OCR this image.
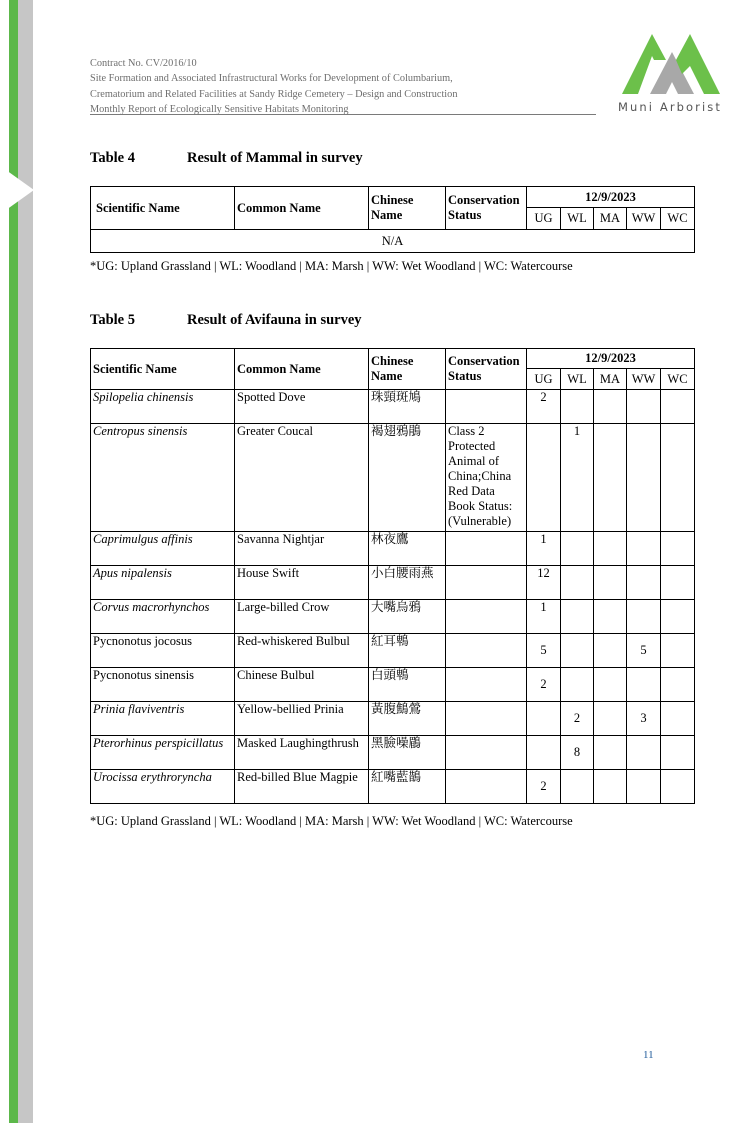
Contract No. CV/2016/10
Site Formation and Associated Infrastructural Works for Development of Columbarium,
Crematorium and Related Facilities at Sandy Ridge Cemetery – Design and Construction
Monthly Report of Ecologically Sensitive Habitats Monitoring	Muni Arborist
Table 4	Result of Mammal in survey
Scientific Name	Common Name	Chinese Name	Conservation Status	12/9/2023				
				UG	WL	MA	WW	WC
N/A								
*UG: Upland Grassland | WL: Woodland | MA: Marsh | WW: Wet Woodland | WC: Watercourse
Table 5	Result of Avifauna in survey
Scientific Name	Common Name	Chinese Name	Conservation Status	12/9/2023				
				UG	WL	MA	WW	WC
Spilopelia chinensis	Spotted Dove	珠頸斑鳩		2				
Centropus sinensis	Greater Coucal	褐翅鴉鵑	Class 2 Protected Animal of China;China Red Data Book Status: (Vulnerable)		1			
Caprimulgus affinis	Savanna Nightjar	林夜鷹		1				
Apus nipalensis	House Swift	小白腰雨燕		12				
Corvus macrorhynchos	Large-billed Crow	大嘴烏鴉		1				
Pycnonotus jocosus	Red-whiskered Bulbul	紅耳鵯		5			5	
Pycnonotus sinensis	Chinese Bulbul	白頭鵯		2				
Prinia flaviventris	Yellow-bellied Prinia	黃腹鷦鶯			2		3	
Pterorhinus perspicillatus	Masked Laughingthrush	黑臉噪鶥			8			
Urocissa erythroryncha	Red-billed Blue Magpie	紅嘴藍鵲		2				
*UG: Upland Grassland | WL: Woodland | MA: Marsh | WW: Wet Woodland | WC: Watercourse
11
